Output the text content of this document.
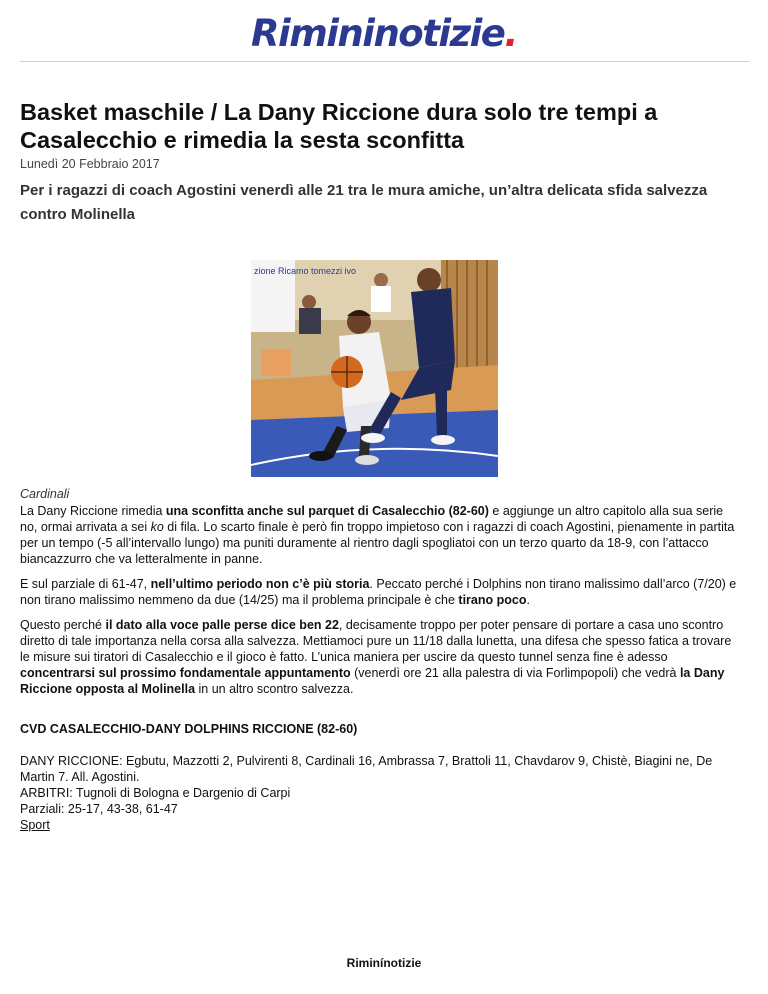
Rimininotizie.
Basket maschile / La Dany Riccione dura solo tre tempi a Casalecchio e rimedia la sesta sconfitta
Lunedì 20 Febbraio 2017
Per i ragazzi di coach Agostini venerdì alle 21 tra le mura amiche, un’altra delicata sfida salvezza contro Molinella
zione Ricamo tomezzi ivo
Cardinali

La Dany Riccione rimedia una sconfitta anche sul parquet di Casalecchio (82-60) e aggiunge un altro capitolo alla sua serie no, ormai arrivata a sei ko di fila. Lo scarto finale è però fin troppo impietoso con i ragazzi di coach Agostini, pienamente in partita per un tempo (-5 all’intervallo lungo) ma puniti duramente al rientro dagli spogliatoi con un terzo quarto da 18-9, con l’attacco biancazzurro che va letteralmente in panne.

E sul parziale di 61-47, nell’ultimo periodo non c’è più storia. Peccato perché i Dolphins non tirano malissimo dall’arco (7/20) e non tirano malissimo nemmeno da due (14/25) ma il problema principale è che tirano poco.

Questo perché il dato alla voce palle perse dice ben 22, decisamente troppo per poter pensare di portare a casa uno scontro diretto di tale importanza nella corsa alla salvezza. Mettiamoci pure un 11/18 dalla lunetta, una difesa che spesso fatica a trovare le misure sui tiratori di Casalecchio e il gioco è fatto. L’unica maniera per uscire da questo tunnel senza fine è adesso concentrarsi sul prossimo fondamentale appuntamento (venerdì ore 21 alla palestra di via Forlimpopoli) che vedrà la Dany Riccione opposta al Molinella in un altro scontro salvezza.

CVD CASALECCHIO-DANY DOLPHINS RICCIONE (82-60)

DANY RICCIONE: Egbutu, Mazzotti 2, Pulvirenti 8, Cardinali 16, Ambrassa 7, Brattoli 11, Chavdarov 9, Chistè, Biagini ne, De Martin 7. All. Agostini.
ARBITRI: Tugnoli di Bologna e Dargenio di Carpi
Parziali: 25-17, 43-38, 61-47
Sport
Riminínotizie
